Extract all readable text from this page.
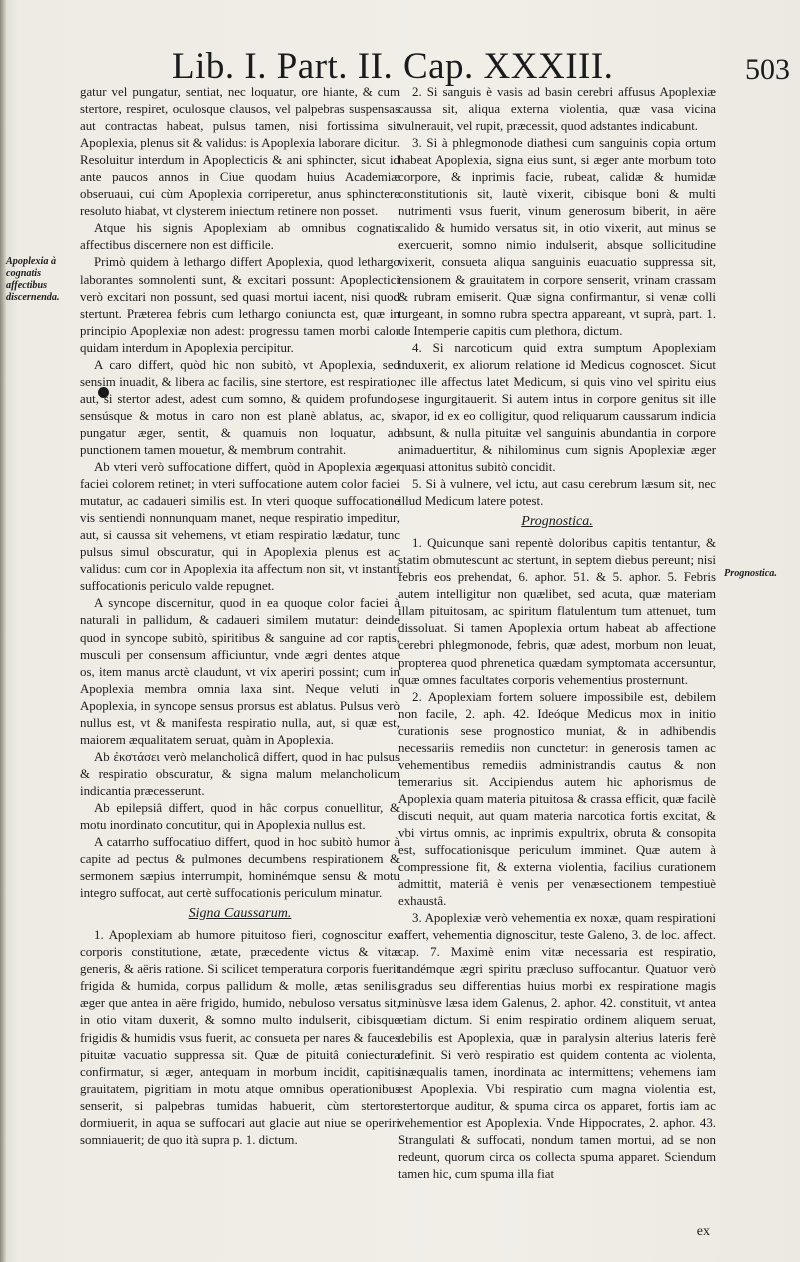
Lib. I. Part. II. Cap. XXXIII.	503
Apoplexia à cognatis affectibus discernenda.
Prognostica.

gatur vel pungatur, sentiat, nec loquatur, ore hiante, & cum stertore, respiret, oculosque clausos, vel palpebras suspensas aut contractas habeat, pulsus tamen, nisi fortissima sit Apoplexia, plenus sit & validus: is Apoplexia laborare dicitur. Resoluitur interdum in Apoplecticis & ani sphincter, sicut id ante paucos annos in Ciue quodam huius Academiæ obseruaui, cui cùm Apoplexia corriperetur, anus sphinctere resoluto hiabat, vt clysterem iniectum retinere non posset.

Atque his signis Apoplexiam ab omnibus cognatis affectibus discernere non est difficile.

Primò quidem à lethargo differt Apoplexia, quod lethargo laborantes somnolenti sunt, & excitari possunt: Apoplectici verò excitari non possunt, sed quasi mortui iacent, nisi quod stertunt. Præterea febris cum lethargo coniuncta est, quæ in principio Apoplexiæ non adest: progressu tamen morbi calor quidam interdum in Apoplexia percipitur.

A caro differt, quòd hic non subitò, vt Apoplexia, sed sensim inuadit, & libera ac facilis, sine stertore, est respiratio, aut, si stertor adest, adest cum somno, & quidem profundo, sensúsque & motus in caro non est planè ablatus, ac, si pungatur æger, sentit, & quamuis non loquatur, ad punctionem tamen mouetur, & membrum contrahit.

Ab vteri verò suffocatione differt, quòd in Apoplexia æger faciei colorem retinet; in vteri suffocatione autem color faciei mutatur, ac cadaueri similis est. In vteri quoque suffocatione vis sentiendi nonnunquam manet, neque respiratio impeditur, aut, si caussa sit vehemens, vt etiam respiratio lædatur, tunc pulsus simul obscuratur, qui in Apoplexia plenus est ac validus: cum cor in Apoplexia ita affectum non sit, vt instanti suffocationis periculo valde repugnet.

A syncope discernitur, quod in ea quoque color faciei à naturali in pallidum, & cadaueri similem mutatur: deinde quod in syncope subitò, spiritibus & sanguine ad cor raptis, musculi per consensum afficiuntur, vnde ægri dentes atque os, item manus arctè claudunt, vt vix aperiri possint; cum in Apoplexia membra omnia laxa sint. Neque veluti in Apoplexia, in syncope sensus prorsus est ablatus. Pulsus verò nullus est, vt & manifesta respiratio nulla, aut, si quæ est, maiorem æqualitatem seruat, quàm in Apoplexia.

Ab ἐκστάσει verò melancholicâ differt, quod in hac pulsus & respiratio obscuratur, & signa malum melancholicum indicantia præcesserunt.

Ab epilepsiâ differt, quod in hâc corpus conuellitur, & motu inordinato concutitur, qui in Apoplexia nullus est.

A catarrho suffocatiuo differt, quod in hoc subitò humor à capite ad pectus & pulmones decumbens respirationem & sermonem sæpius interrumpit, hominémque sensu & motu integro suffocat, aut certè suffocationis periculum minatur.

Signa Caussarum.

1. Apoplexiam ab humore pituitoso fieri, cognoscitur ex corporis constitutione, ætate, præcedente victus & vitæ generis, & aëris ratione. Si scilicet temperatura corporis fuerit frigida & humida, corpus pallidum & molle, ætas senilis, æger que antea in aëre frigido, humido, nebuloso versatus sit, in otio vitam duxerit, & somno multo indulserit, cibisque frigidis & humidis vsus fuerit, ac consueta per nares & fauces pituitæ vacuatio suppressa sit. Quæ de pituitâ coniectura confirmatur, si æger, antequam in morbum incidit, capitis grauitatem, pigritiam in motu atque omnibus operationibus senserit, si palpebras tumidas habuerit, cùm stertore dormiuerit, in aqua se suffocari aut glacie aut niue se operiri somniauerit; de quo ità supra p. 1. dictum.

2. Si sanguis è vasis ad basin cerebri affusus Apoplexiæ caussa sit, aliqua externa violentia, quæ vasa vicina vulnerauit, vel rupit, præcessit, quod adstantes indicabunt.

3. Si à phlegmonode diathesi cum sanguinis copia ortum habeat Apoplexia, signa eius sunt, si æger ante morbum toto corpore, & inprimis facie, rubeat, calidæ & humidæ constitutionis sit, lautè vixerit, cibisque boni & multi nutrimenti vsus fuerit, vinum generosum biberit, in aëre calido & humido versatus sit, in otio vixerit, aut minus se exercuerit, somno nimio indulserit, absque sollicitudine vixerit, consueta aliqua sanguinis euacuatio suppressa sit, tensionem & grauitatem in corpore senserit, vrinam crassam & rubram emiserit. Quæ signa confirmantur, si venæ colli turgeant, in somno rubra spectra appareant, vt suprà, part. 1. de Intemperie capitis cum plethora, dictum.

4. Si narcoticum quid extra sumptum Apoplexiam induxerit, ex aliorum relatione id Medicus cognoscet. Sicut nec ille affectus latet Medicum, si quis vino vel spiritu eius sese ingurgitauerit. Si autem intus in corpore genitus sit ille vapor, id ex eo colligitur, quod reliquarum caussarum indicia absunt, & nulla pituitæ vel sanguinis abundantia in corpore animaduertitur, & nihilominus cum signis Apoplexiæ æger quasi attonitus subitò concidit.

5. Si à vulnere, vel ictu, aut casu cerebrum læsum sit, nec illud Medicum latere potest.

Prognostica.

1. Quicunque sani repentè doloribus capitis tentantur, & statim obmutescunt ac stertunt, in septem diebus pereunt; nisi febris eos prehendat, 6. aphor. 51. & 5. aphor. 5. Febris autem intelligitur non quælibet, sed acuta, quæ materiam illam pituitosam, ac spiritum flatulentum tum attenuet, tum dissoluat. Si tamen Apoplexia ortum habeat ab affectione cerebri phlegmonode, febris, quæ adest, morbum non leuat, propterea quod phrenetica quædam symptomata accersuntur, quæ omnes facultates corporis vehementius prosternunt.

2. Apoplexiam fortem soluere impossibile est, debilem non facile, 2. aph. 42. Ideóque Medicus mox in initio curationis sese prognostico muniat, & in adhibendis necessariis remediis non cunctetur: in generosis tamen ac vehementibus remediis administrandis cautus & non temerarius sit. Accipiendus autem hic aphorismus de Apoplexia quam materia pituitosa & crassa efficit, quæ facilè discuti nequit, aut quam materia narcotica fortis excitat, & vbi virtus omnis, ac inprimis expultrix, obruta & consopita est, suffocationisque periculum imminet. Quæ autem à compressione fit, & externa violentia, facilius curationem admittit, materiâ è venis per venæsectionem tempestiuè exhaustâ.

3. Apoplexiæ verò vehementia ex noxæ, quam respirationi affert, vehementia dignoscitur, teste Galeno, 3. de loc. affect. cap. 7. Maximè enim vitæ necessaria est respiratio, tandémque ægri spiritu præcluso suffocantur. Quatuor verò gradus seu differentias huius morbi ex respiratione magis minùsve læsa idem Galenus, 2. aphor. 42. constituit, vt antea etiam dictum. Si enim respiratio ordinem aliquem seruat, debilis est Apoplexia, quæ in paralysin alterius lateris ferè definit. Si verò respiratio est quidem contenta ac violenta, inæqualis tamen, inordinata ac intermittens; vehemens iam est Apoplexia. Vbi respiratio cum magna violentia est, stertorque auditur, & spuma circa os apparet, fortis iam ac vehementior est Apoplexia. Vnde Hippocrates, 2. aphor. 43. Strangulati & suffocati, nondum tamen mortui, ad se non redeunt, quorum circa os collecta spuma apparet. Sciendum tamen hic, cum spuma illa fiat

ex
